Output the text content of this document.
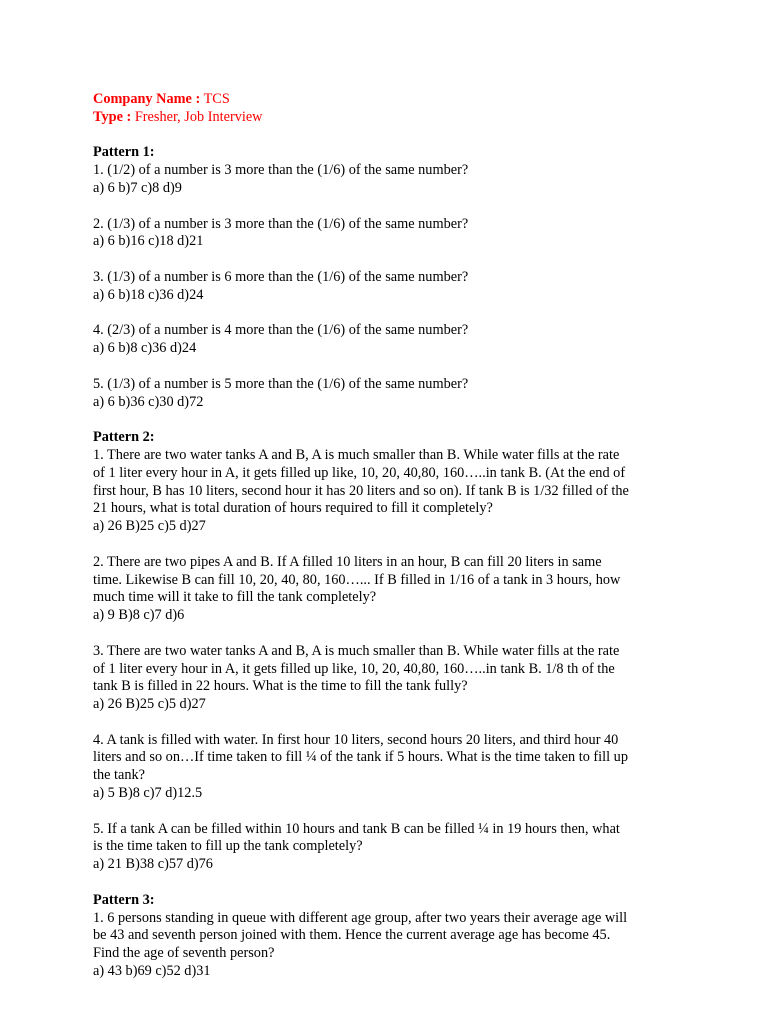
Company Name : TCS
Type : Fresher, Job Interview
Pattern 1:
1. (1/2) of a number is 3 more than the (1/6) of the same number?
a) 6 b)7 c)8 d)9
2. (1/3) of a number is 3 more than the (1/6) of the same number?
a) 6 b)16 c)18 d)21
3. (1/3) of a number is 6 more than the (1/6) of the same number?
a) 6 b)18 c)36 d)24
4. (2/3) of a number is 4 more than the (1/6) of the same number?
a) 6 b)8 c)36 d)24
5. (1/3) of a number is 5 more than the (1/6) of the same number?
a) 6 b)36 c)30 d)72
Pattern 2:
1. There are two water tanks A and B, A is much smaller than B. While water fills at the rate
of 1 liter every hour in A, it gets filled up like, 10, 20, 40,80, 160…..in tank B. (At the end of
first hour, B has 10 liters, second hour it has 20 liters and so on). If tank B is 1/32 filled of the
21 hours, what is total duration of hours required to fill it completely?
a) 26 B)25 c)5 d)27
2. There are two pipes A and B. If A filled 10 liters in an hour, B can fill 20 liters in same
time. Likewise B can fill 10, 20, 40, 80, 160…... If B filled in 1/16 of a tank in 3 hours, how
much time will it take to fill the tank completely?
a) 9 B)8 c)7 d)6
3. There are two water tanks A and B, A is much smaller than B. While water fills at the rate
of 1 liter every hour in A, it gets filled up like, 10, 20, 40,80, 160…..in tank B. 1/8 th of the
tank B is filled in 22 hours. What is the time to fill the tank fully?
a) 26 B)25 c)5 d)27
4. A tank is filled with water. In first hour 10 liters, second hours 20 liters, and third hour 40
liters and so on…If time taken to fill ¼ of the tank if 5 hours. What is the time taken to fill up
the tank?
a) 5 B)8 c)7 d)12.5
5. If a tank A can be filled within 10 hours and tank B can be filled ¼ in 19 hours then, what
is the time taken to fill up the tank completely?
a) 21 B)38 c)57 d)76
Pattern 3:
1. 6 persons standing in queue with different age group, after two years their average age will
be 43 and seventh person joined with them. Hence the current average age has become 45.
Find the age of seventh person?
a) 43 b)69 c)52 d)31
